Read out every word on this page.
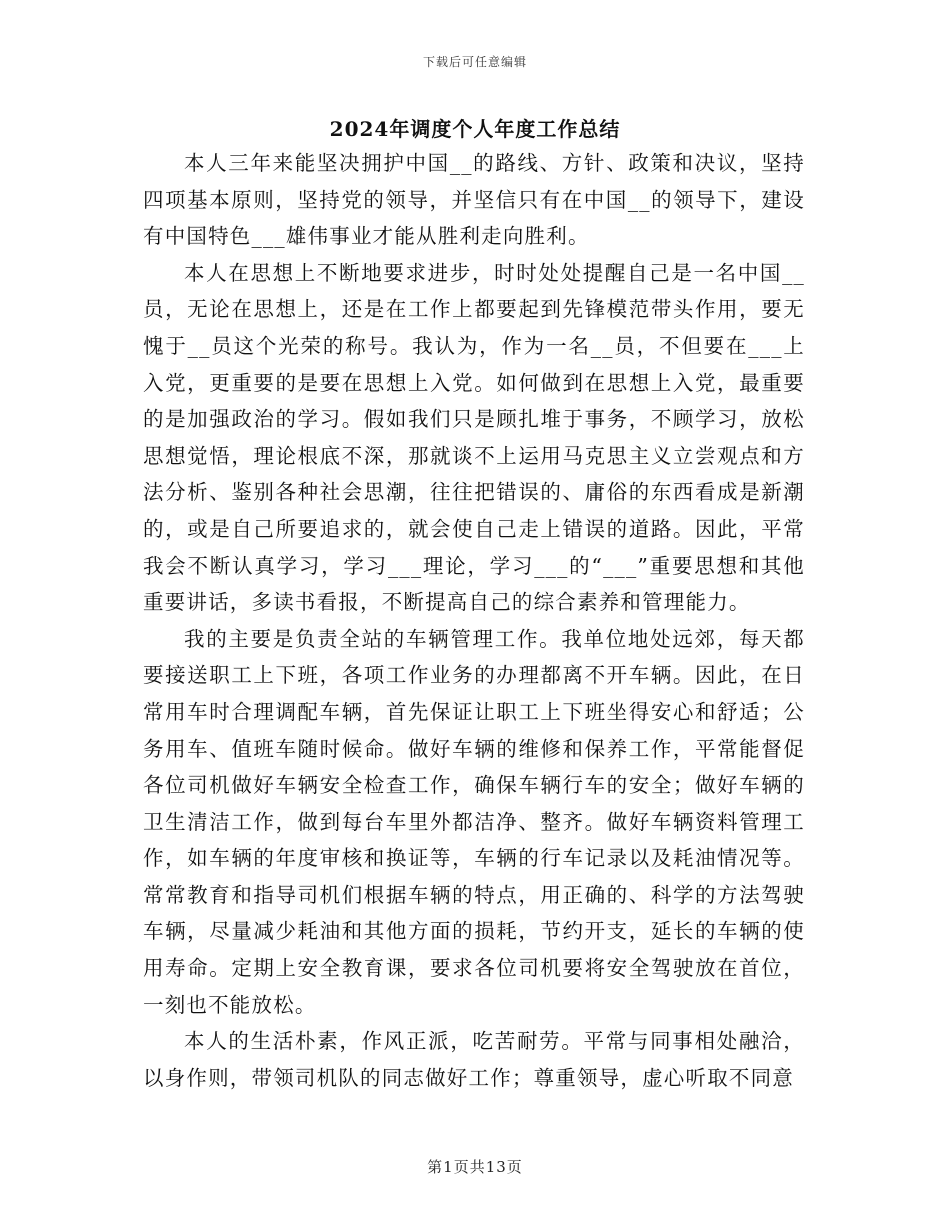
下载后可任意编辑
2024年调度个人年度工作总结

本人三年来能坚决拥护中国__的路线、方针、政策和决议，坚持四项基本原则，坚持党的领导，并坚信只有在中国__的领导下，建设有中国特色___雄伟事业才能从胜利走向胜利。

本人在思想上不断地要求进步，时时处处提醒自己是一名中国__员，无论在思想上，还是在工作上都要起到先锋模范带头作用，要无愧于__员这个光荣的称号。我认为，作为一名__员，不但要在___上入党，更重要的是要在思想上入党。如何做到在思想上入党，最重要的是加强政治的学习。假如我们只是顾扎堆于事务，不顾学习，放松思想觉悟，理论根底不深，那就谈不上运用马克思主义立尝观点和方法分析、鉴别各种社会思潮，往往把错误的、庸俗的东西看成是新潮的，或是自己所要追求的，就会使自己走上错误的道路。因此，平常我会不断认真学习，学习___理论，学习___的“___”重要思想和其他重要讲话，多读书看报，不断提高自己的综合素养和管理能力。

我的主要是负责全站的车辆管理工作。我单位地处远郊，每天都要接送职工上下班，各项工作业务的办理都离不开车辆。因此，在日常用车时合理调配车辆，首先保证让职工上下班坐得安心和舒适；公务用车、值班车随时候命。做好车辆的维修和保养工作，平常能督促各位司机做好车辆安全检查工作，确保车辆行车的安全；做好车辆的卫生清洁工作，做到每台车里外都洁净、整齐。做好车辆资料管理工作，如车辆的年度审核和换证等，车辆的行车记录以及耗油情况等。常常教育和指导司机们根据车辆的特点，用正确的、科学的方法驾驶车辆，尽量减少耗油和其他方面的损耗，节约开支，延长的车辆的使用寿命。定期上安全教育课，要求各位司机要将安全驾驶放在首位，一刻也不能放松。

本人的生活朴素，作风正派，吃苦耐劳。平常与同事相处融洽，以身作则，带领司机队的同志做好工作；尊重领导，虚心听取不同意

第1页共13页
